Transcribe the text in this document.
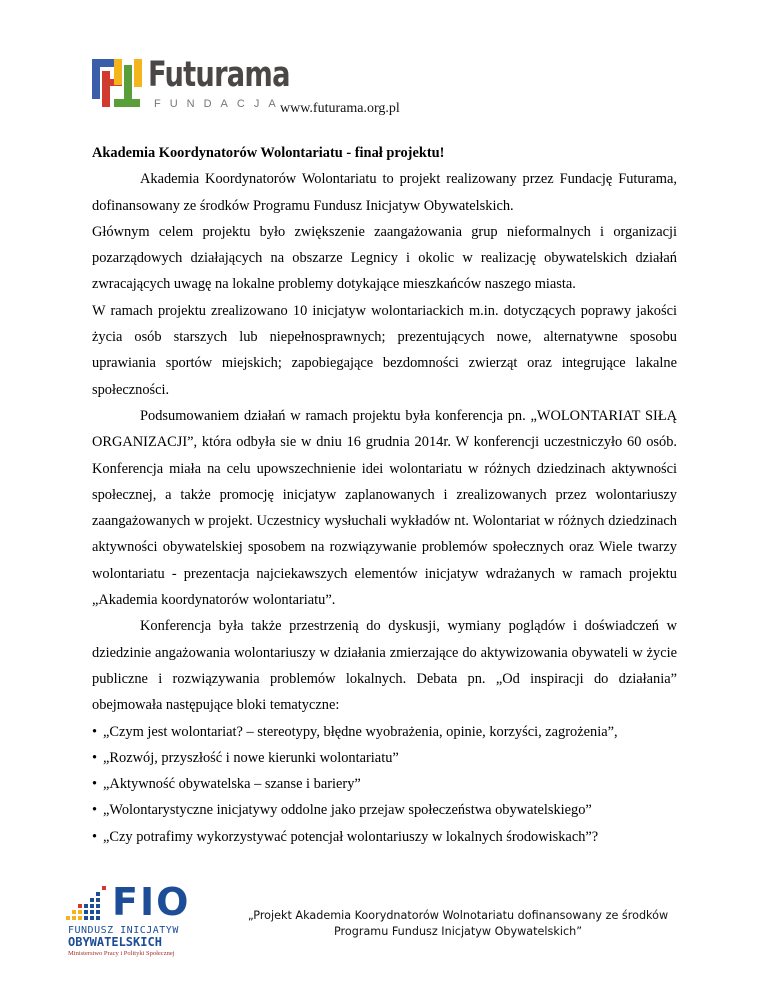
Futurama
FUNDACJA
www.futurama.org.pl

Akademia Koordynatorów Wolontariatu - finał projektu!

Akademia Koordynatorów Wolontariatu to projekt realizowany przez Fundację Futurama, dofinansowany ze środków Programu Fundusz Inicjatyw Obywatelskich.

Głównym celem projektu było zwiększenie zaangażowania grup nieformalnych i organizacji pozarządowych działających na obszarze Legnicy i okolic w realizację obywatelskich działań zwracających uwagę na lokalne problemy dotykające mieszkańców naszego miasta.

W ramach projektu zrealizowano 10 inicjatyw wolontariackich m.in. dotyczących poprawy jakości życia osób starszych lub niepełnosprawnych; prezentujących nowe, alternatywne sposobu uprawiania sportów miejskich; zapobiegające bezdomności zwierząt oraz integrujące lakalne społeczności.

Podsumowaniem działań w ramach projektu była konferencja pn. „WOLONTARIAT SIŁĄ ORGANIZACJI”, która odbyła sie w dniu 16 grudnia 2014r. W konferencji uczestniczyło 60 osób. Konferencja miała na celu upowszechnienie idei wolontariatu w różnych dziedzinach aktywności społecznej, a także promocję inicjatyw zaplanowanych i zrealizowanych przez wolontariuszy zaangażowanych w projekt. Uczestnicy wysłuchali wykładów nt. Wolontariat w różnych dziedzinach aktywności obywatelskiej sposobem na rozwiązywanie problemów społecznych oraz Wiele twarzy wolontariatu - prezentacja najciekawszych elementów inicjatyw wdrażanych w ramach projektu

„Akademia koordynatorów wolontariatu”.

Konferencja była także przestrzenią do dyskusji, wymiany poglądów i doświadczeń w dziedzinie angażowania wolontariuszy w działania zmierzające do aktywizowania obywateli w życie publiczne i rozwiązywania problemów lokalnych. Debata pn. „Od inspiracji do działania” obejmowała następujące bloki tematyczne:

• „Czym jest wolontariat? – stereotypy, błędne wyobrażenia, opinie, korzyści, zagrożenia”,
• „Rozwój, przyszłość i nowe kierunki wolontariatu”
• „Aktywność obywatelska – szanse i bariery”
• „Wolontarystyczne inicjatywy oddolne jako przejaw społeczeństwa obywatelskiego”
• „Czy potrafimy wykorzystywać potencjał wolontariuszy w lokalnych środowiskach”?
FIO
FUNDUSZ INICJATYW
OBYWATELSKICH
Ministerstwo Pracy i Polityki Społecznej
„Projekt Akademia Koorydnatorów Wolnotariatu dofinansowany ze środków Programu Fundusz Inicjatyw Obywatelskich”
